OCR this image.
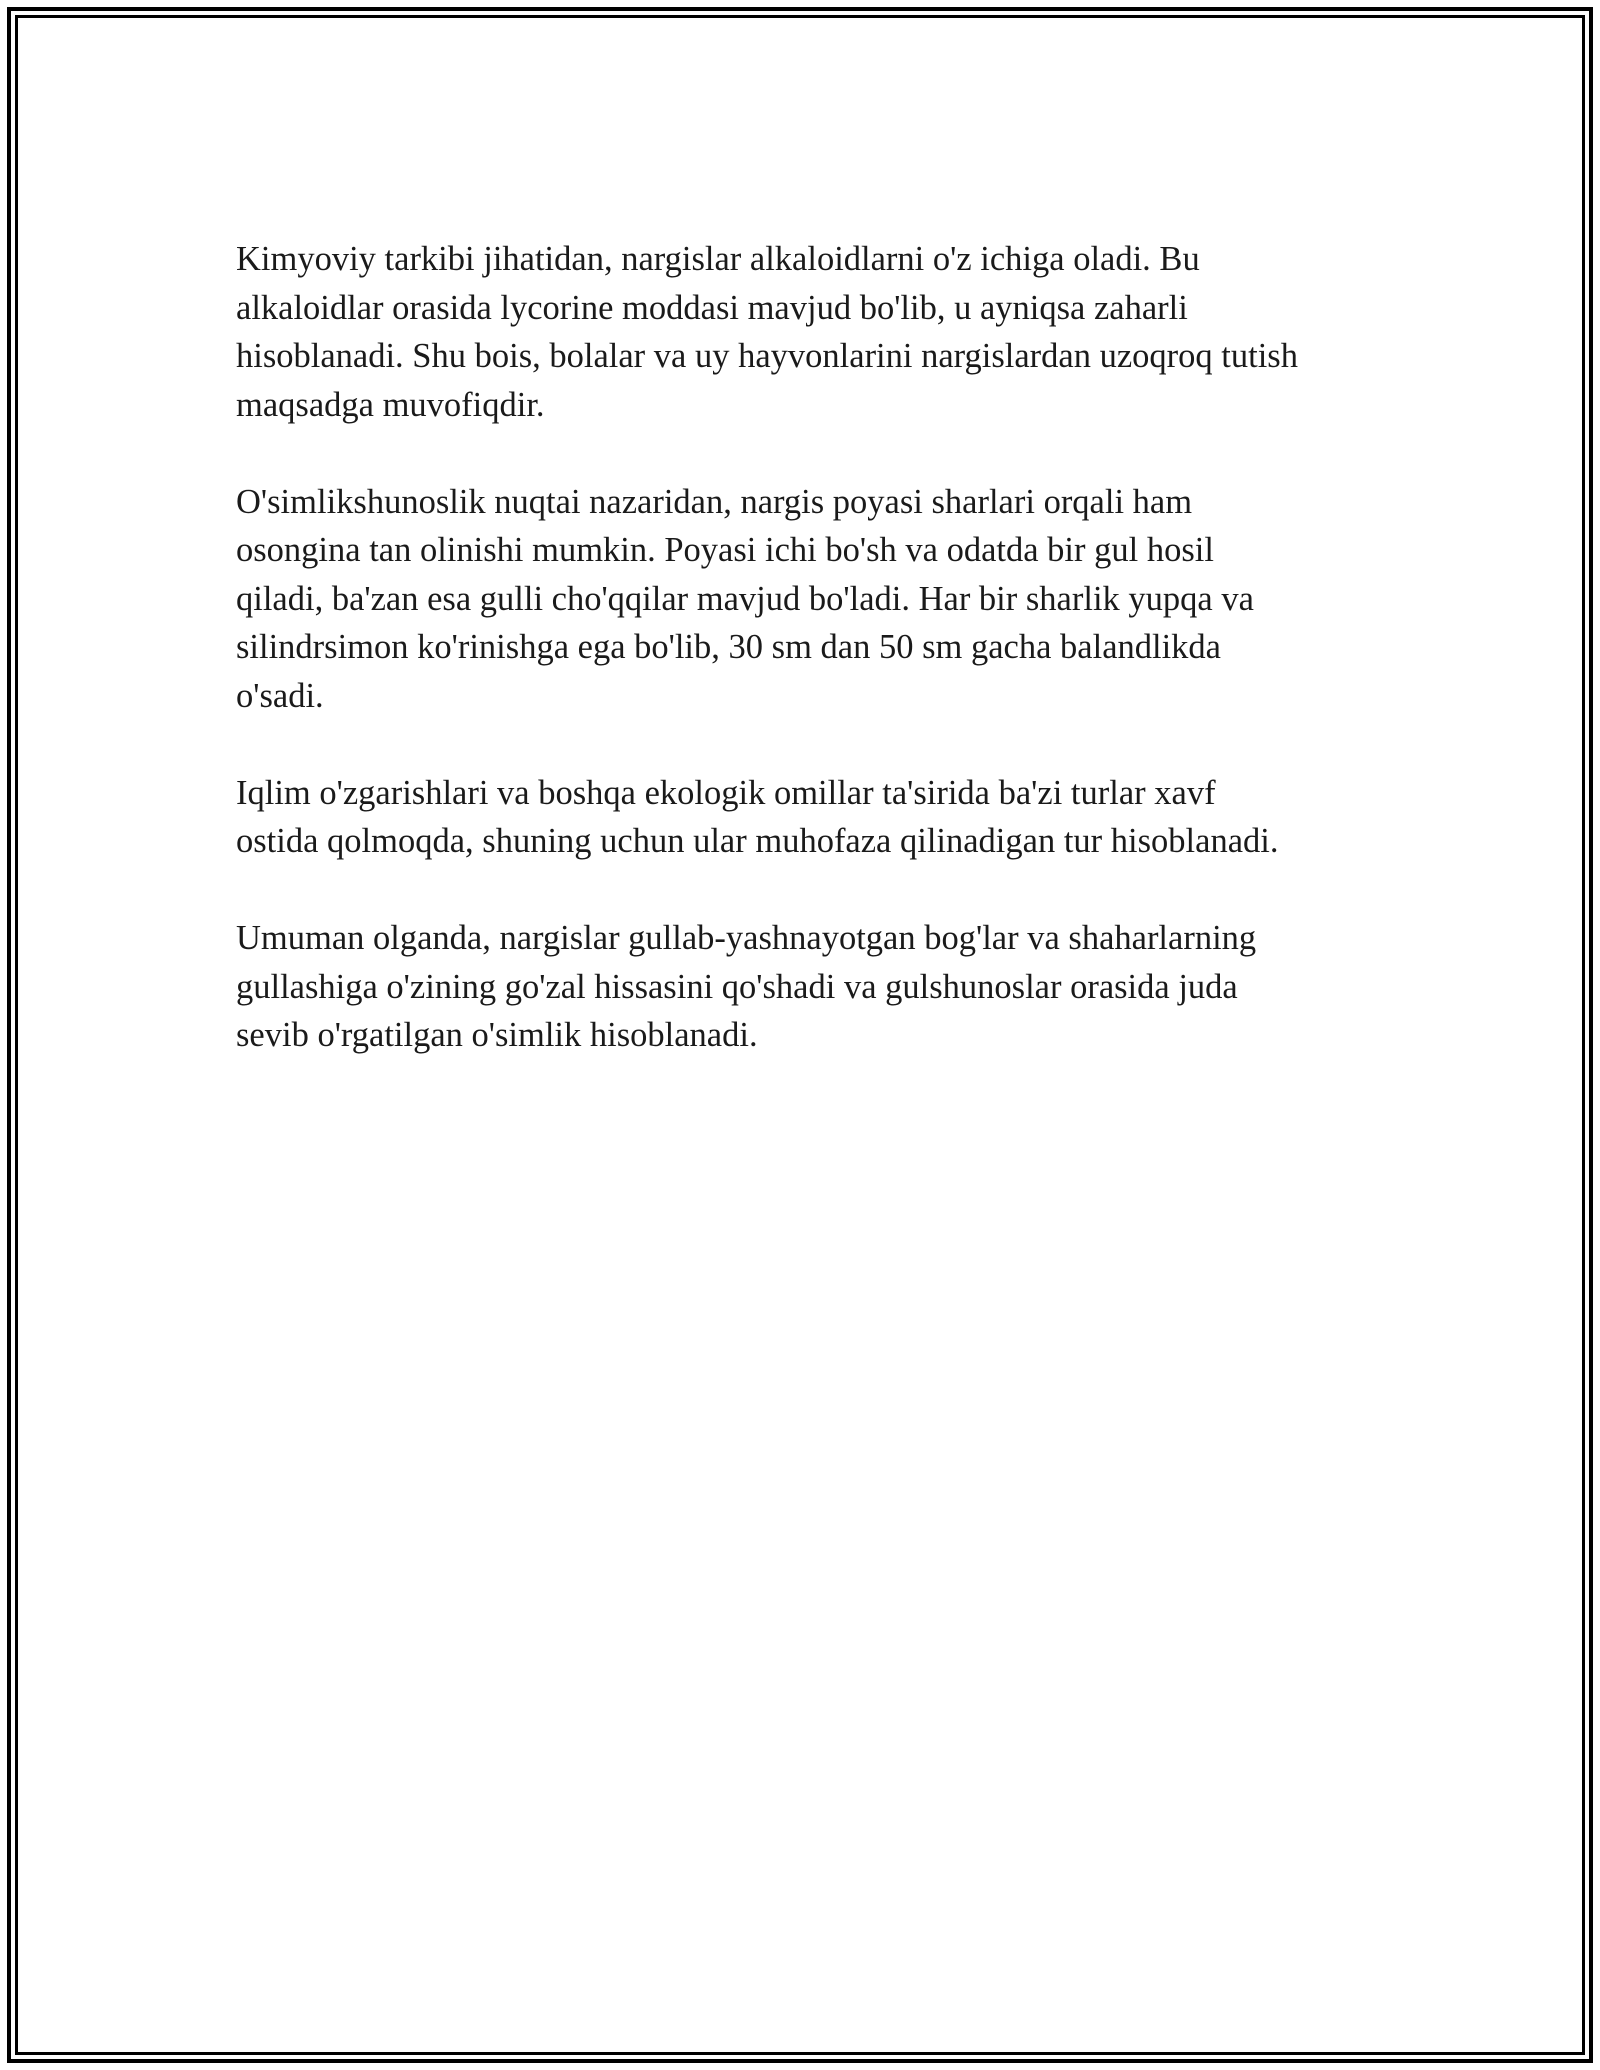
Kimyoviy tarkibi jihatidan, nargislar alkaloidlarni o'z ichiga oladi. Bu
alkaloidlar orasida lycorine moddasi mavjud bo'lib, u ayniqsa zaharli
hisoblanadi. Shu bois, bolalar va uy hayvonlarini nargislardan uzoqroq tutish
maqsadga muvofiqdir.

O'simlikshunoslik nuqtai nazaridan, nargis poyasi sharlari orqali ham
osongina tan olinishi mumkin. Poyasi ichi bo'sh va odatda bir gul hosil
qiladi, ba'zan esa gulli cho'qqilar mavjud bo'ladi. Har bir sharlik yupqa va
silindrsimon ko'rinishga ega bo'lib, 30 sm dan 50 sm gacha balandlikda
o'sadi.

Iqlim o'zgarishlari va boshqa ekologik omillar ta'sirida ba'zi turlar xavf
ostida qolmoqda, shuning uchun ular muhofaza qilinadigan tur hisoblanadi.

Umuman olganda, nargislar gullab-yashnayotgan bog'lar va shaharlarning
gullashiga o'zining go'zal hissasini qo'shadi va gulshunoslar orasida juda
sevib o'rgatilgan o'simlik hisoblanadi.
